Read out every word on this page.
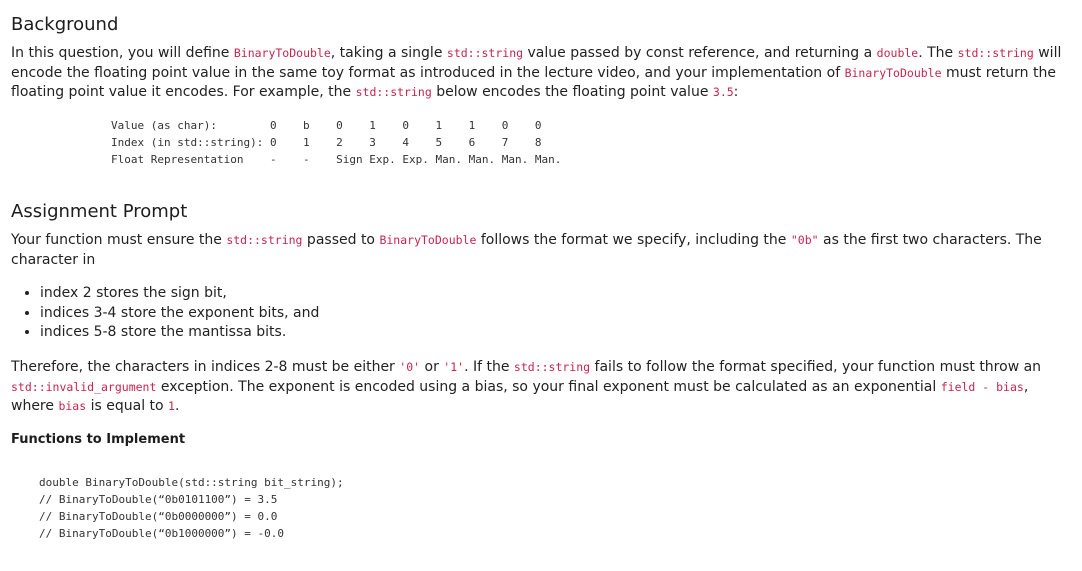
Background
In this question, you will define BinaryToDouble, taking a single std::string value passed by const reference, and returning a double. The std::string will encode the floating point value in the same toy format as introduced in the lecture video, and your implementation of BinaryToDouble must return the floating point value it encodes. For example, the std::string below encodes the floating point value 3.5:
Value (as char):        0    b    0    1    0    1    1    0    0
Index (in std::string): 0    1    2    3    4    5    6    7    8
Float Representation    -    -    Sign Exp. Exp. Man. Man. Man. Man.
Assignment Prompt
Your function must ensure the std::string passed to BinaryToDouble follows the format we specify, including the "0b" as the first two characters. The character in
• index 2 stores the sign bit,
• indices 3-4 store the exponent bits, and
• indices 5-8 store the mantissa bits.
Therefore, the characters in indices 2-8 must be either '0' or '1'. If the std::string fails to follow the format specified, your function must throw an std::invalid_argument exception. The exponent is encoded using a bias, so your final exponent must be calculated as an exponential field - bias, where bias is equal to 1.
Functions to Implement
double BinaryToDouble(std::string bit_string);
// BinaryToDouble(“0b0101100”) = 3.5
// BinaryToDouble(“0b0000000”) = 0.0
// BinaryToDouble(“0b1000000”) = -0.0
